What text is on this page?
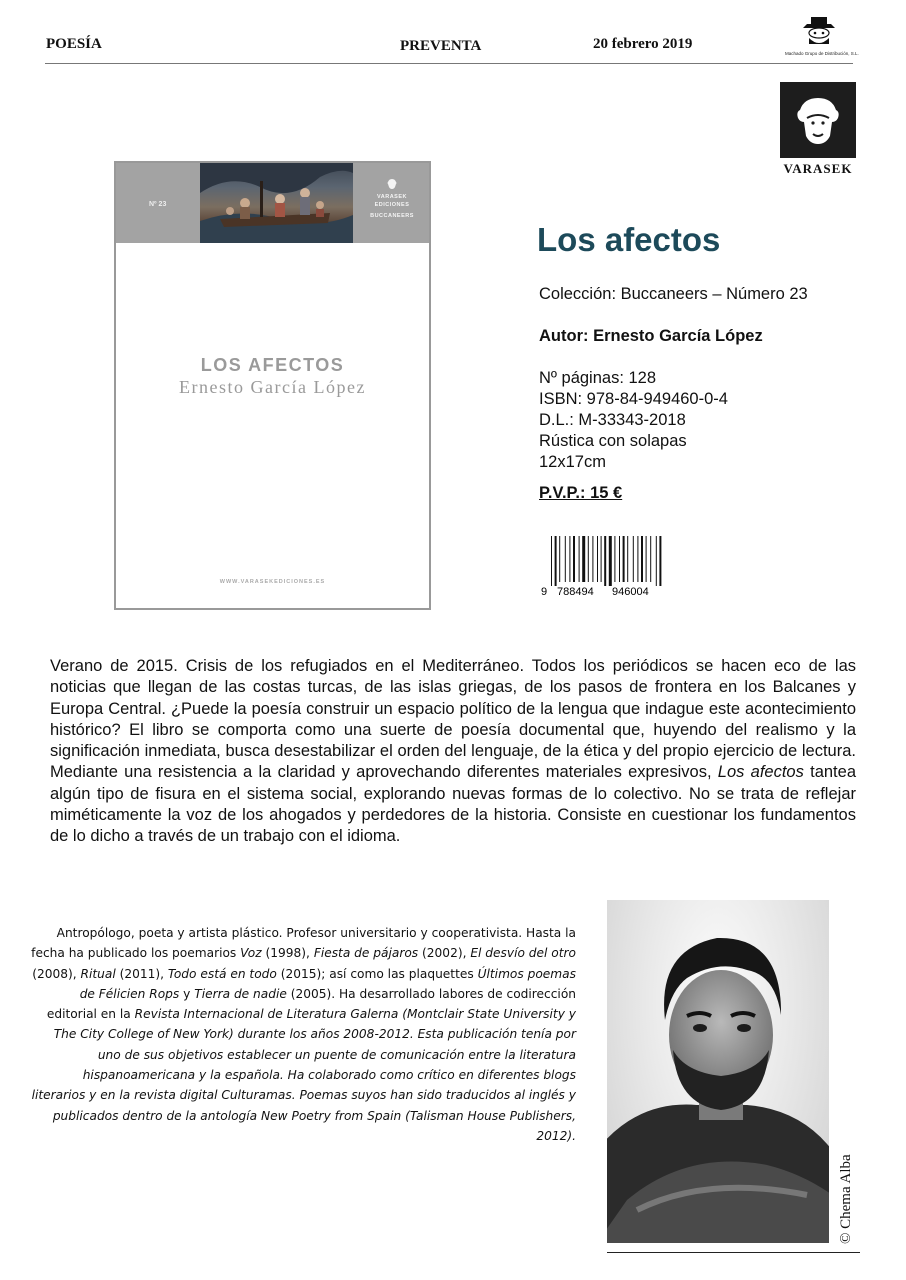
POESÍA	PREVENTA	20 febrero 2019
Machado Grupo de Distribución, S.L.
VARASEK
Nº 23
VARASEK
EDICIONES
BUCCANEERS
LOS AFECTOS
Ernesto García López
WWW.VARASEKEDICIONES.ES
Los afectos
Colección: Buccaneers – Número 23
Autor: Ernesto García López
Nº páginas: 128
ISBN: 978-84-949460-0-4
D.L.: M-33343-2018
Rústica con solapas
12x17cm
P.V.P.: 15 €
9 788494 946004
Verano de 2015. Crisis de los refugiados en el Mediterráneo. Todos los periódicos se hacen eco de las noticias que llegan de las costas turcas, de las islas griegas, de los pasos de frontera en los Balcanes y Europa Central. ¿Puede la poesía construir un espacio político de la lengua que indague este acontecimiento histórico? El libro se comporta como una suerte de poesía documental que, huyendo del realismo y la significación inmediata, busca desestabilizar el orden del lenguaje, de la ética y del propio ejercicio de lectura. Mediante una resistencia a la claridad y aprovechando diferentes materiales expresivos, Los afectos tantea algún tipo de fisura en el sistema social, explorando nuevas formas de lo colectivo. No se trata de reflejar miméticamente la voz de los ahogados y perdedores de la historia. Consiste en cuestionar los fundamentos de lo dicho a través de un trabajo con el idioma.
Antropólogo, poeta y artista plástico. Profesor universitario y cooperativista. Hasta la fecha ha publicado los poemarios Voz (1998), Fiesta de pájaros (2002), El desvío del otro (2008), Ritual (2011), Todo está en todo (2015); así como las plaquettes Últimos poemas de Félicien Rops y Tierra de nadie (2005). Ha desarrollado labores de codirección editorial en la Revista Internacional de Literatura Galerna (Montclair State University y The City College of New York) durante los años 2008-2012. Esta publicación tenía por uno de sus objetivos establecer un puente de comunicación entre la literatura hispanoamericana y la española. Ha colaborado como crítico en diferentes blogs literarios y en la revista digital Culturamas. Poemas suyos han sido traducidos al inglés y publicados dentro de la antología New Poetry from Spain (Talisman House Publishers, 2012).
© Chema Alba
